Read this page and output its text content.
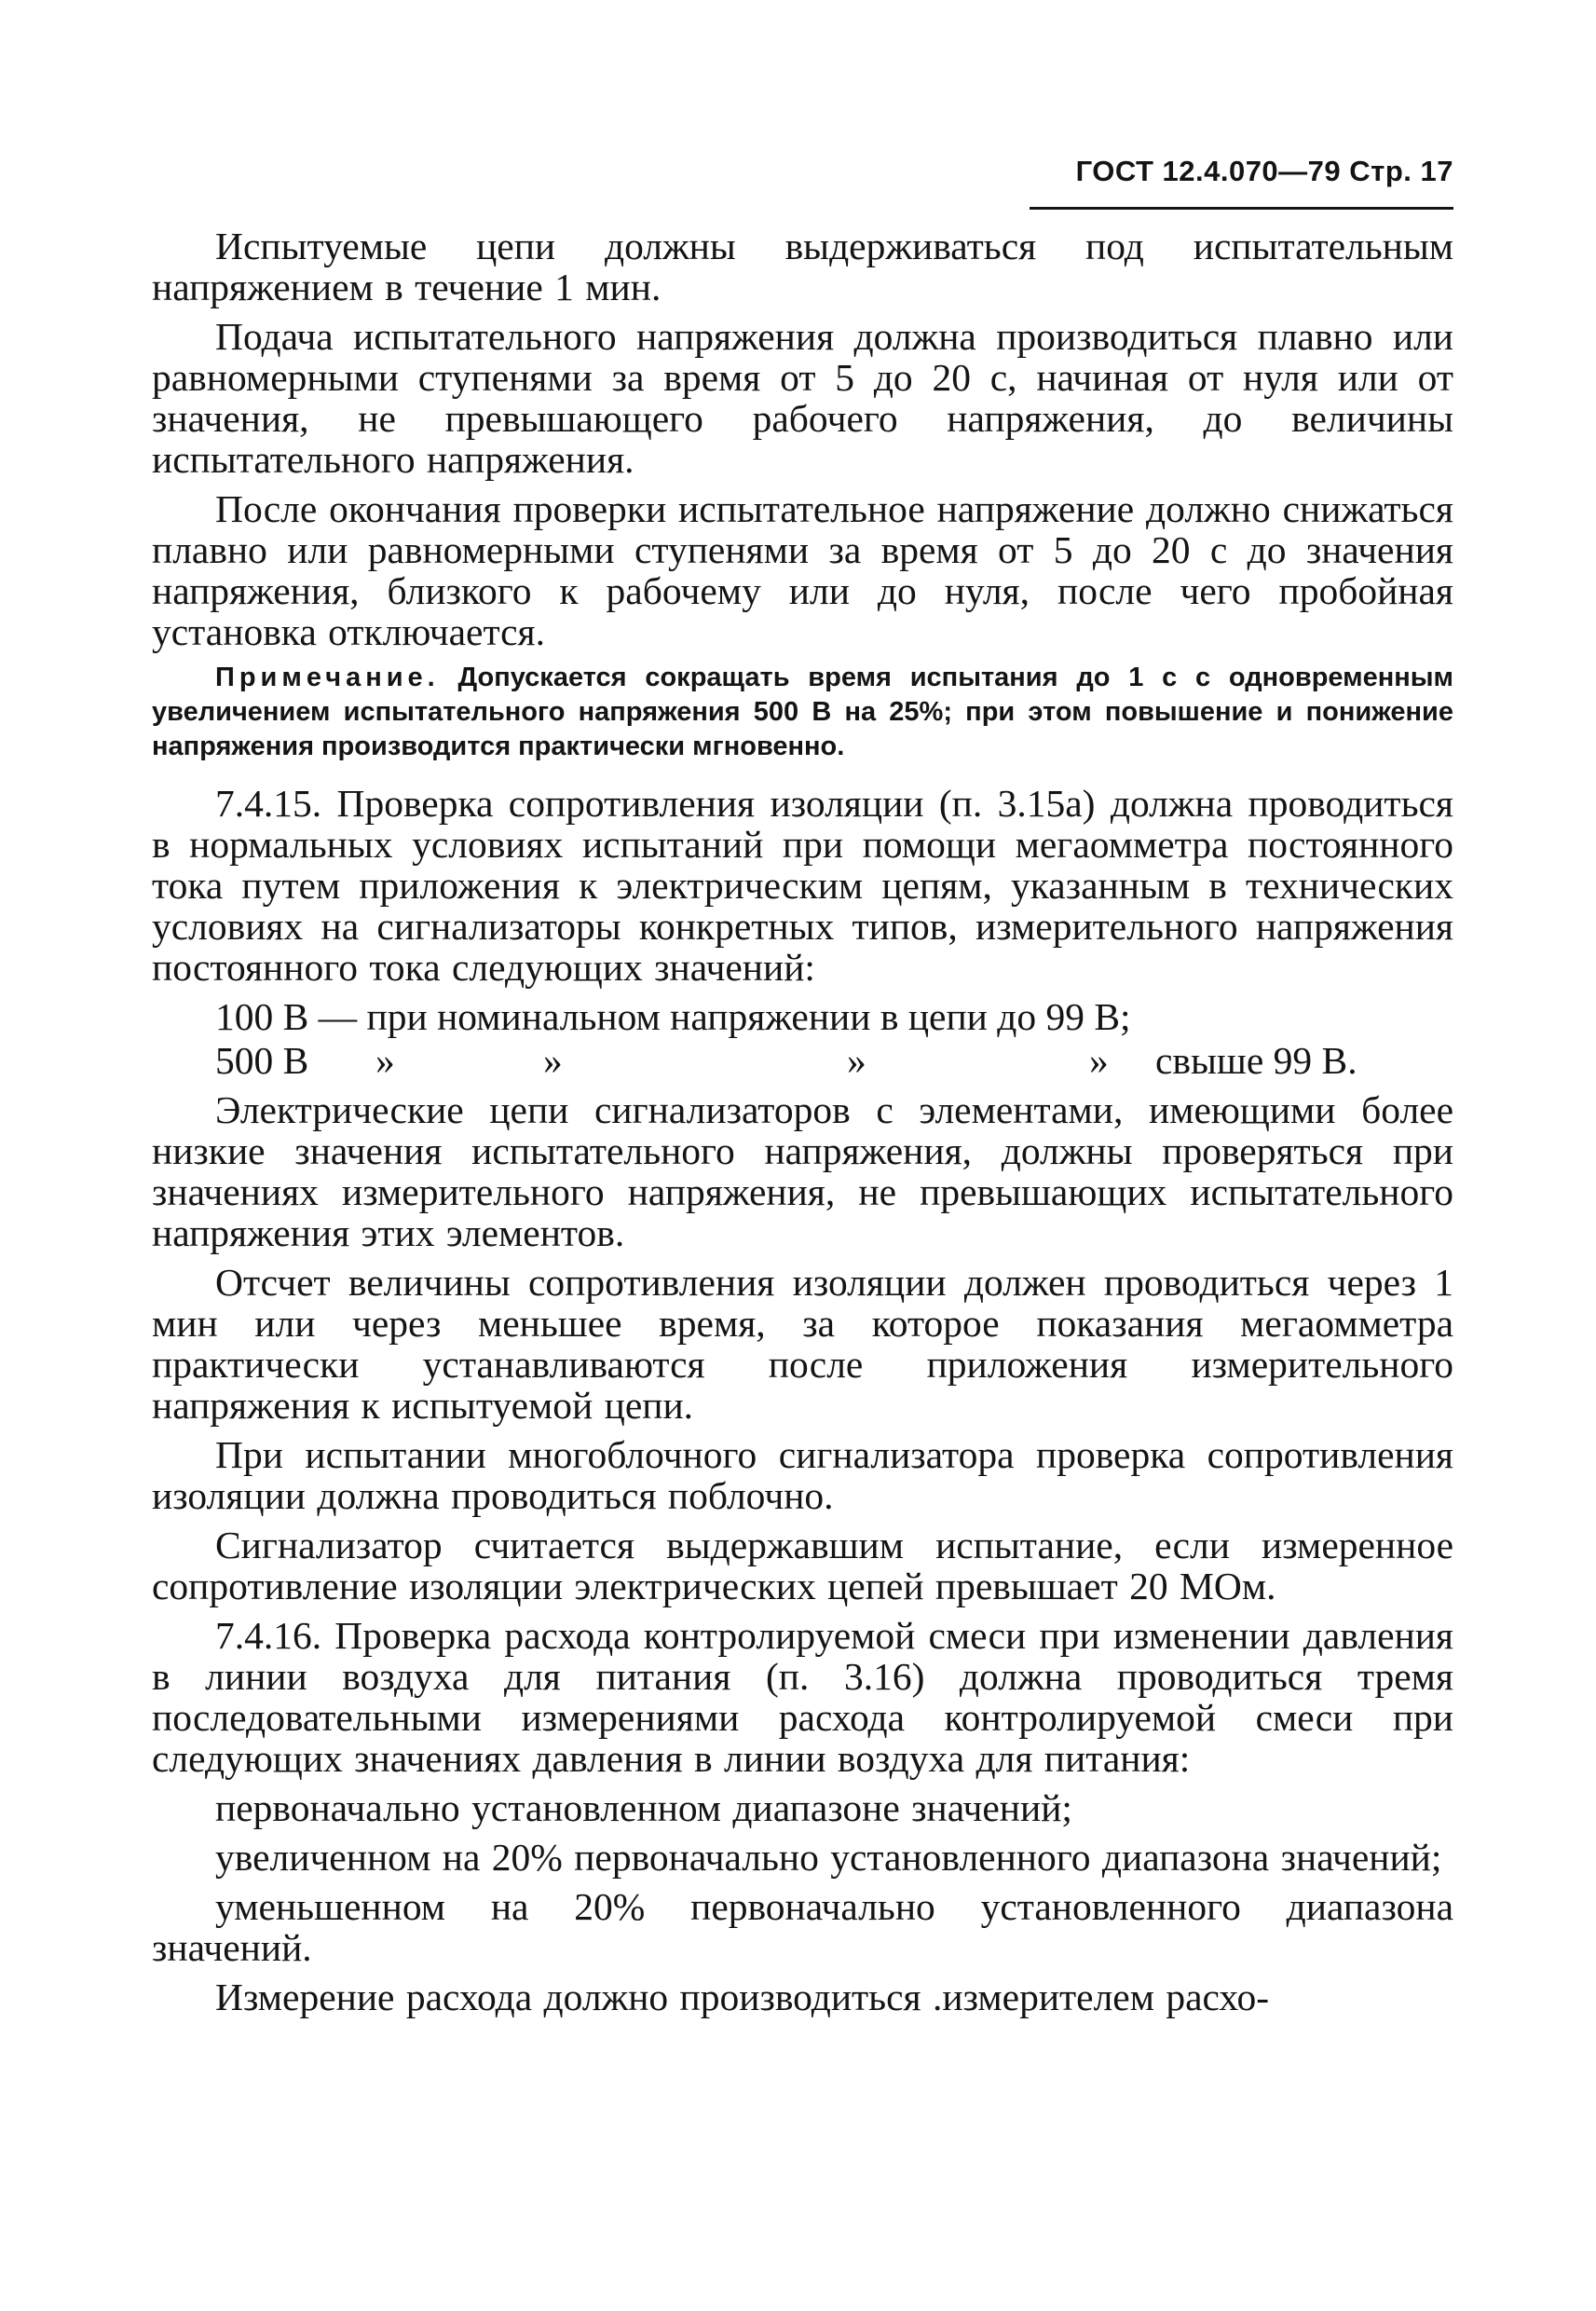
ГОСТ 12.4.070—79 Стр. 17

Испытуемые цепи должны выдерживаться под испытательным напряжением в течение 1 мин.

Подача испытательного напряжения должна производиться плавно или равномерными ступенями за время от 5 до 20 с, начиная от нуля или от значения, не превышающего рабочего напряжения, до величины испытательного напряжения.

После окончания проверки испытательное напряжение должно снижаться плавно или равномерными ступенями за время от 5 до 20 с до значения напряжения, близкого к рабочему или до нуля, после чего пробойная установка отключается.

Примечание. Допускается сокращать время испытания до 1 с с одновременным увеличением испытательного напряжения 500 В на 25%; при этом повышение и понижение напряжения производится практически мгновенно.

7.4.15. Проверка сопротивления изоляции (п. 3.15а) должна проводиться в нормальных условиях испытаний при помощи мегаомметра постоянного тока путем приложения к электрическим цепям, указанным в технических условиях на сигнализаторы конкретных типов, измерительного напряжения постоянного тока следующих значений:

100 В — при номинальном напряжении в цепи до 99 В;

500 В »	»	»	» свыше 99 В.

Электрические цепи сигнализаторов с элементами, имеющими более низкие значения испытательного напряжения, должны проверяться при значениях измерительного напряжения, не превышающих испытательного напряжения этих элементов.

Отсчет величины сопротивления изоляции должен проводиться через 1 мин или через меньшее время, за которое показания мегаомметра практически устанавливаются после приложения измерительного напряжения к испытуемой цепи.

При испытании многоблочного сигнализатора проверка сопротивления изоляции должна проводиться поблочно.

Сигнализатор считается выдержавшим испытание, если измеренное сопротивление изоляции электрических цепей превышает 20 МОм.

7.4.16. Проверка расхода контролируемой смеси при изменении давления в линии воздуха для питания (п. 3.16) должна проводиться тремя последовательными измерениями расхода контролируемой смеси при следующих значениях давления в линии воздуха для питания:

первоначально установленном диапазоне значений;

увеличенном на 20% первоначально установленного диапазона значений;

уменьшенном на 20% первоначально установленного диапазона значений.

Измерение расхода должно производиться .измерителем расхо-
